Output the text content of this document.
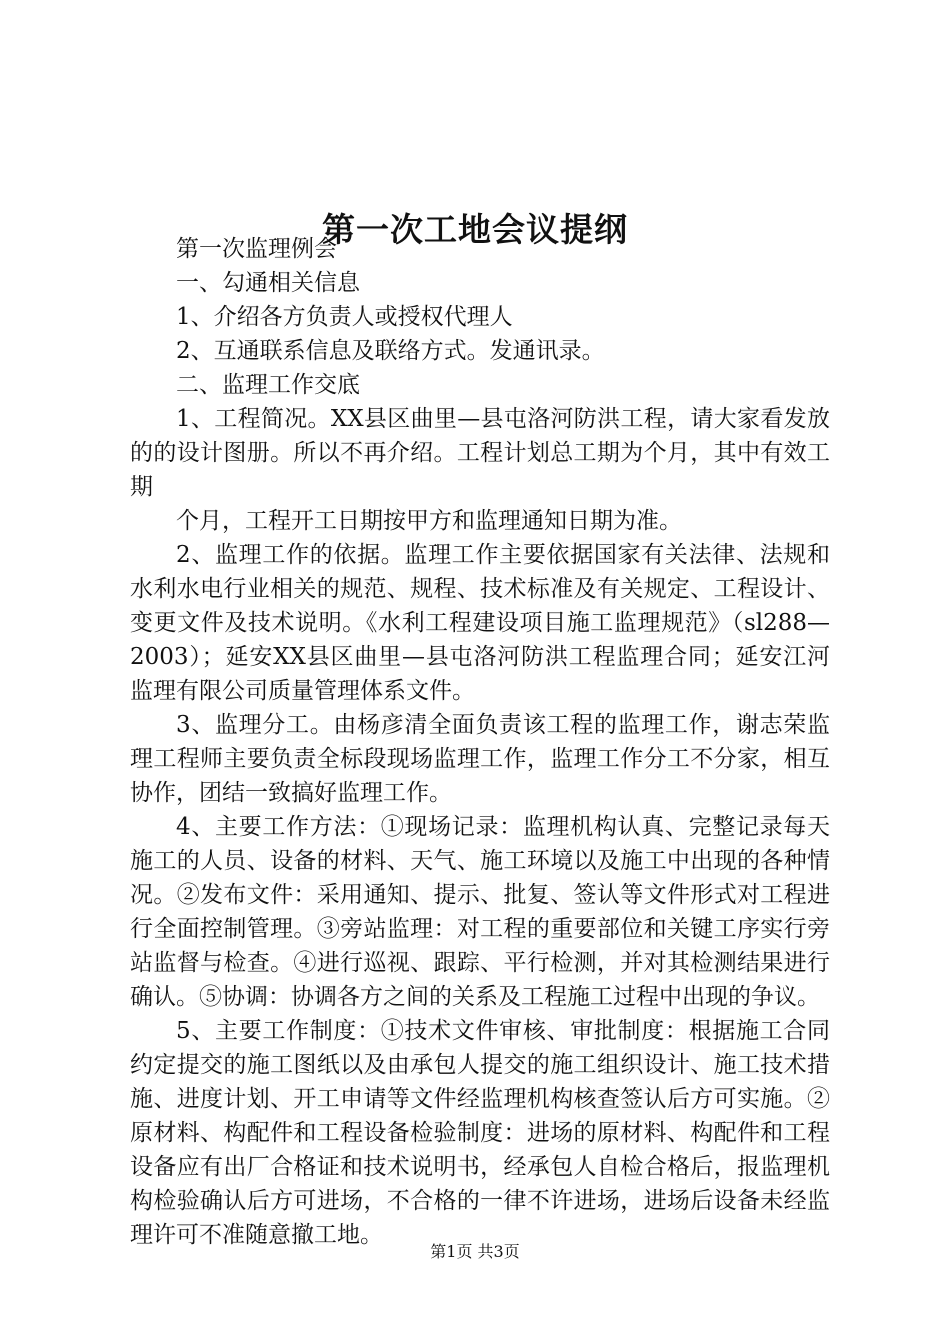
第一次工地会议提纲

第一次监理例会

一、勾通相关信息

1、介绍各方负责人或授权代理人

2、互通联系信息及联络方式。发通讯录。

二、监理工作交底

1、工程简况。XX县区曲里—县屯洛河防洪工程，请大家看发放的的设计图册。所以不再介绍。工程计划总工期为个月，其中有效工期

个月，工程开工日期按甲方和监理通知日期为准。

2、监理工作的依据。监理工作主要依据国家有关法律、法规和水利水电行业相关的规范、规程、技术标准及有关规定、工程设计、变更文件及技术说明。《水利工程建设项目施工监理规范》（sl288—2003）；延安XX县区曲里—县屯洛河防洪工程监理合同；延安江河监理有限公司质量管理体系文件。

3、监理分工。由杨彦清全面负责该工程的监理工作，谢志荣监理工程师主要负责全标段现场监理工作，监理工作分工不分家，相互协作，团结一致搞好监理工作。

4、主要工作方法：①现场记录：监理机构认真、完整记录每天施工的人员、设备的材料、天气、施工环境以及施工中出现的各种情况。②发布文件：采用通知、提示、批复、签认等文件形式对工程进行全面控制管理。③旁站监理：对工程的重要部位和关键工序实行旁站监督与检查。④进行巡视、跟踪、平行检测，并对其检测结果进行确认。⑤协调：协调各方之间的关系及工程施工过程中出现的争议。

5、主要工作制度：①技术文件审核、审批制度：根据施工合同约定提交的施工图纸以及由承包人提交的施工组织设计、施工技术措施、进度计划、开工申请等文件经监理机构核查签认后方可实施。②原材料、构配件和工程设备检验制度：进场的原材料、构配件和工程设备应有出厂合格证和技术说明书，经承包人自检合格后，报监理机构检验确认后方可进场，不合格的一律不许进场，进场后设备未经监理许可不准随意撤工地。

第1页 共3页
